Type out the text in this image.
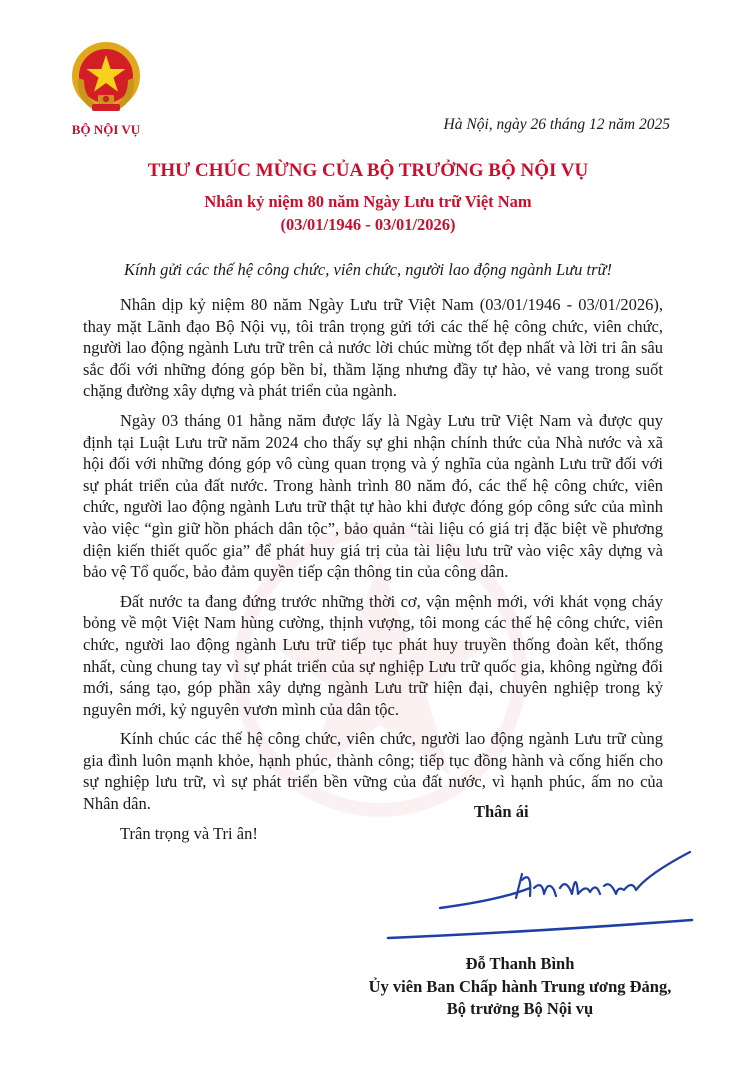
BỘ NỘI VỤ	Hà Nội, ngày 26 tháng 12 năm 2025
THƯ CHÚC MỪNG CỦA BỘ TRƯỞNG BỘ NỘI VỤ
Nhân kỷ niệm 80 năm Ngày Lưu trữ Việt Nam
(03/01/1946 - 03/01/2026)
Kính gửi các thế hệ công chức, viên chức, người lao động ngành Lưu trữ!

Nhân dịp kỷ niệm 80 năm Ngày Lưu trữ Việt Nam (03/01/1946 - 03/01/2026), thay mặt Lãnh đạo Bộ Nội vụ, tôi trân trọng gửi tới các thế hệ công chức, viên chức, người lao động ngành Lưu trữ trên cả nước lời chúc mừng tốt đẹp nhất và lời tri ân sâu sắc đối với những đóng góp bền bỉ, thầm lặng nhưng đầy tự hào, vẻ vang trong suốt chặng đường xây dựng và phát triển của ngành.

Ngày 03 tháng 01 hằng năm được lấy là Ngày Lưu trữ Việt Nam và được quy định tại Luật Lưu trữ năm 2024 cho thấy sự ghi nhận chính thức của Nhà nước và xã hội đối với những đóng góp vô cùng quan trọng và ý nghĩa của ngành Lưu trữ đối với sự phát triển của đất nước. Trong hành trình 80 năm đó, các thế hệ công chức, viên chức, người lao động ngành Lưu trữ thật tự hào khi được đóng góp công sức của mình vào việc “gìn giữ hồn phách dân tộc”, bảo quản “tài liệu có giá trị đặc biệt về phương diện kiến thiết quốc gia” để phát huy giá trị của tài liệu lưu trữ vào việc xây dựng và bảo vệ Tổ quốc, bảo đảm quyền tiếp cận thông tin của công dân.

Đất nước ta đang đứng trước những thời cơ, vận mệnh mới, với khát vọng cháy bỏng về một Việt Nam hùng cường, thịnh vượng, tôi mong các thế hệ công chức, viên chức, người lao động ngành Lưu trữ tiếp tục phát huy truyền thống đoàn kết, thống nhất, cùng chung tay vì sự phát triển của sự nghiệp Lưu trữ quốc gia, không ngừng đổi mới, sáng tạo, góp phần xây dựng ngành Lưu trữ hiện đại, chuyên nghiệp trong kỷ nguyên mới, kỷ nguyên vươn mình của dân tộc.

Kính chúc các thế hệ công chức, viên chức, người lao động ngành Lưu trữ cùng gia đình luôn mạnh khỏe, hạnh phúc, thành công; tiếp tục đồng hành và cống hiến cho sự nghiệp lưu trữ, vì sự phát triển bền vững của đất nước, vì hạnh phúc, ấm no của Nhân dân.

Trân trọng và Tri ân!

Thân ái
Đỗ Thanh Bình
Ủy viên Ban Chấp hành Trung ương Đảng,
Bộ trưởng Bộ Nội vụ
